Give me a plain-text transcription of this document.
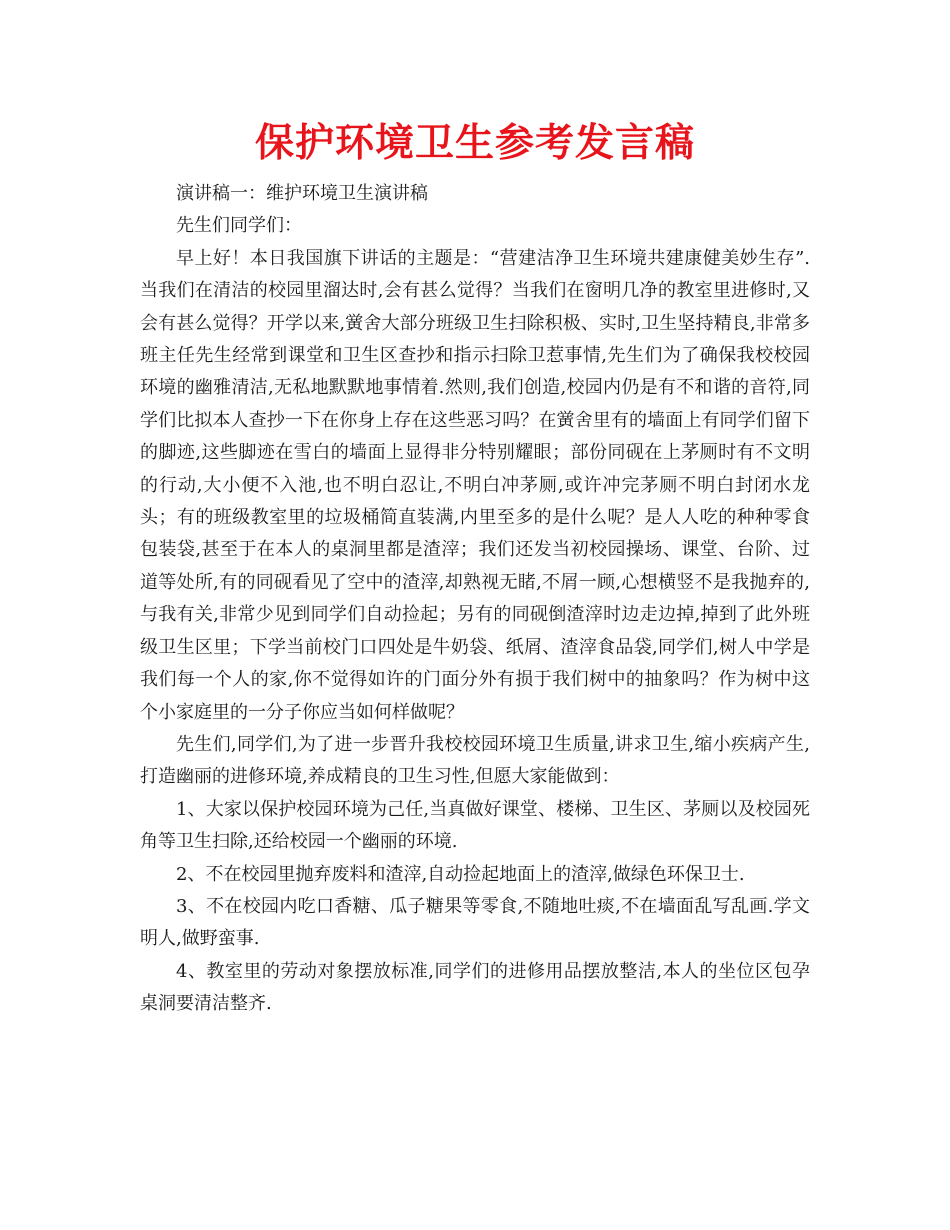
保护环境卫生参考发言稿

演讲稿一：维护环境卫生演讲稿

先生们同学们：

早上好！本日我国旗下讲话的主题是：“营建洁净卫生环境共建康健美妙生存”.当我们在清洁的校园里溜达时,会有甚么觉得？当我们在窗明几净的教室里进修时,又会有甚么觉得？开学以来,黉舍大部分班级卫生扫除积极、实时,卫生坚持精良,非常多班主任先生经常到课堂和卫生区查抄和指示扫除卫惹事情,先生们为了确保我校校园环境的幽雅清洁,无私地默默地事情着.然则,我们创造,校园内仍是有不和谐的音符,同学们比拟本人查抄一下在你身上存在这些恶习吗？在黉舍里有的墙面上有同学们留下的脚迹,这些脚迹在雪白的墙面上显得非分特别耀眼；部份同砚在上茅厕时有不文明的行动,大小便不入池,也不明白忍让,不明白冲茅厕,或许冲完茅厕不明白封闭水龙头；有的班级教室里的垃圾桶简直装满,内里至多的是什么呢？是人人吃的种种零食包装袋,甚至于在本人的桌洞里都是渣滓；我们还发当初校园操场、课堂、台阶、过道等处所,有的同砚看见了空中的渣滓,却熟视无睹,不屑一顾,心想横竖不是我抛弃的,与我有关,非常少见到同学们自动捡起；另有的同砚倒渣滓时边走边掉,掉到了此外班级卫生区里；下学当前校门口四处是牛奶袋、纸屑、渣滓食品袋,同学们,树人中学是我们每一个人的家,你不觉得如许的门面分外有损于我们树中的抽象吗？作为树中这个小家庭里的一分子你应当如何样做呢？

先生们,同学们,为了进一步晋升我校校园环境卫生质量,讲求卫生,缩小疾病产生,打造幽丽的进修环境,养成精良的卫生习性,但愿大家能做到：

1、大家以保护校园环境为己任,当真做好课堂、楼梯、卫生区、茅厕以及校园死角等卫生扫除,还给校园一个幽丽的环境.

2、不在校园里抛弃废料和渣滓,自动捡起地面上的渣滓,做绿色环保卫士.

3、不在校园内吃口香糖、瓜子糖果等零食,不随地吐痰,不在墙面乱写乱画.学文明人,做野蛮事.

4、教室里的劳动对象摆放标准,同学们的进修用品摆放整洁,本人的坐位区包孕桌洞要清洁整齐.
